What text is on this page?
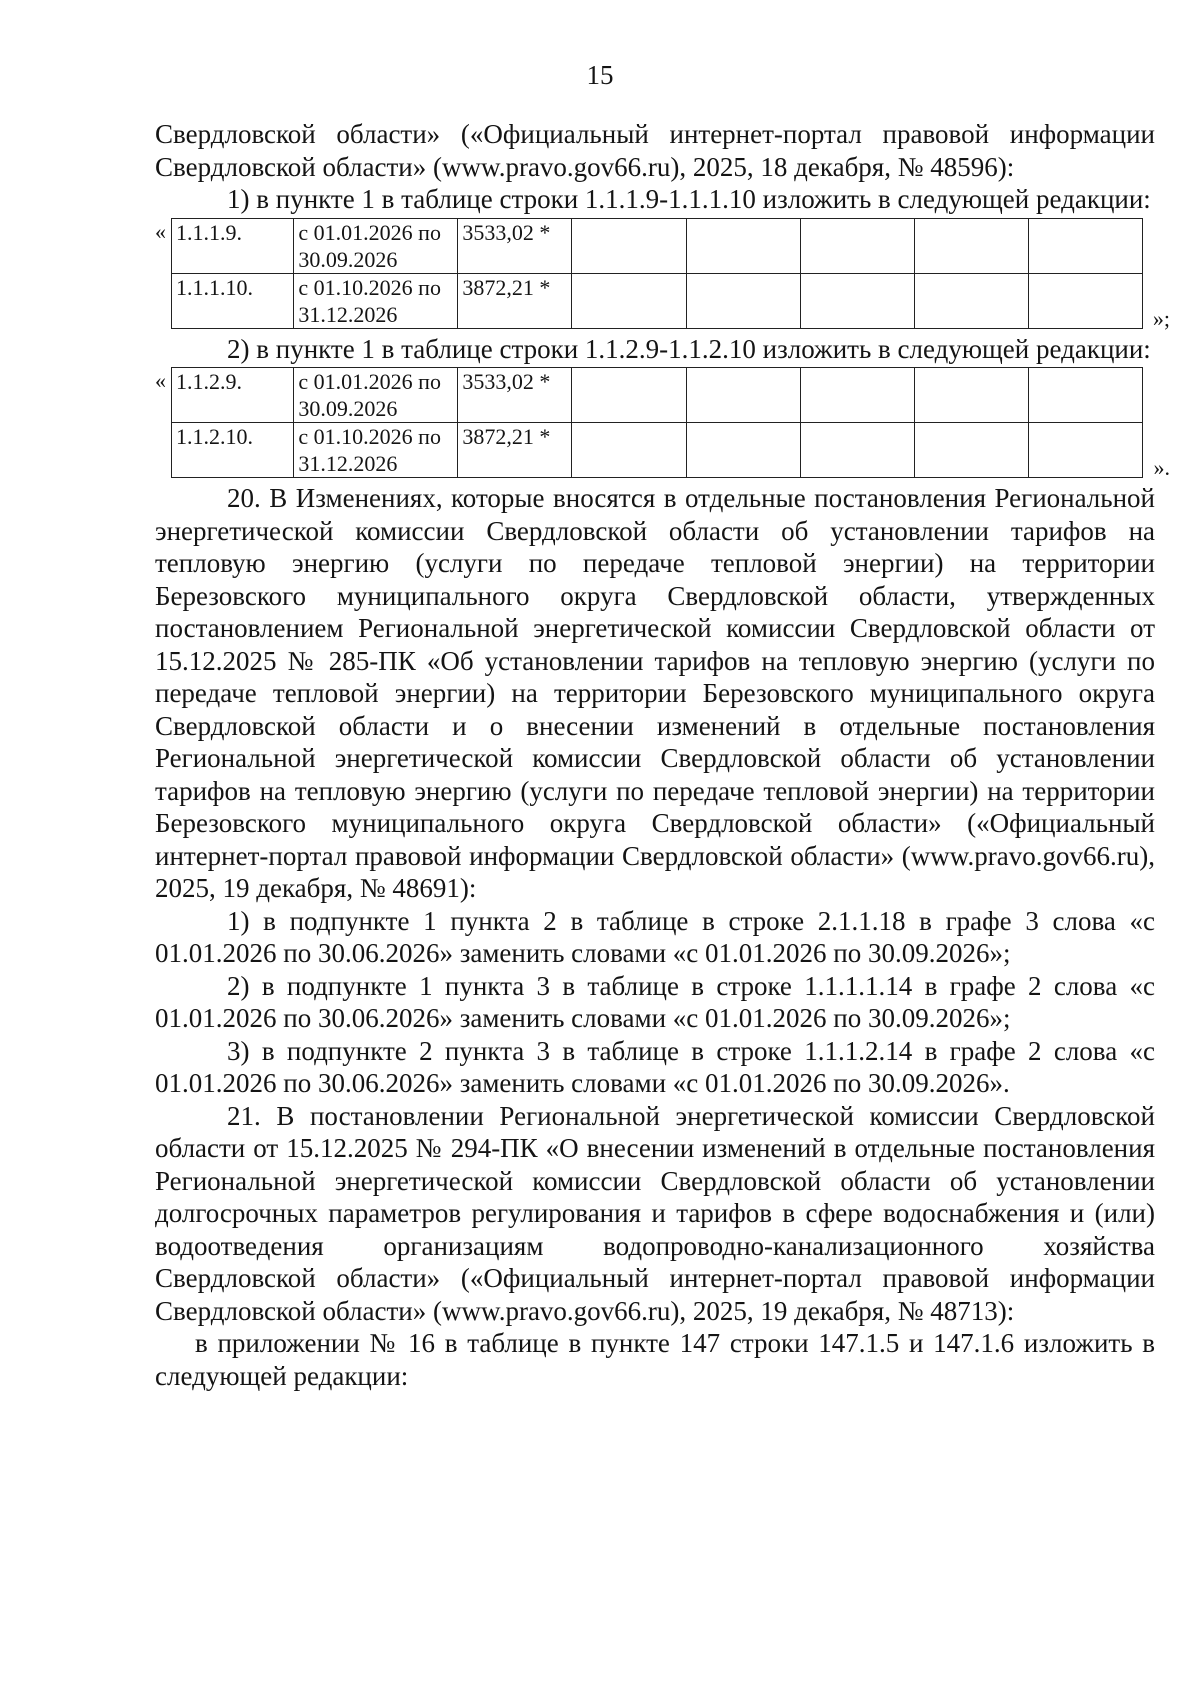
15

Свердловской области» («Официальный интернет-портал правовой информации Свердловской области» (www.pravo.gov66.ru), 2025, 18 декабря, № 48596):

1) в пункте 1 в таблице строки 1.1.1.9-1.1.1.10 изложить в следующей редакции:

« 1.1.1.9.	с 01.01.2026 по 30.09.2026	3533,02 *					
1.1.1.10.	с 01.10.2026 по 31.12.2026	3872,21 *					
»;

2) в пункте 1 в таблице строки 1.1.2.9-1.1.2.10 изложить в следующей редакции:

« 1.1.2.9.	с 01.01.2026 по 30.09.2026	3533,02 *					
1.1.2.10.	с 01.10.2026 по 31.12.2026	3872,21 *					
».

20. В Изменениях, которые вносятся в отдельные постановления Региональной энергетической комиссии Свердловской области об установлении тарифов на тепловую энергию (услуги по передаче тепловой энергии) на территории Березовского муниципального округа Свердловской области, утвержденных постановлением Региональной энергетической комиссии Свердловской области от 15.12.2025 № 285-ПК «Об установлении тарифов на тепловую энергию (услуги по передаче тепловой энергии) на территории Березовского муниципального округа Свердловской области и о внесении изменений в отдельные постановления Региональной энергетической комиссии Свердловской области об установлении тарифов на тепловую энергию (услуги по передаче тепловой энергии) на территории Березовского муниципального округа Свердловской области» («Официальный интернет-портал правовой информации Свердловской области» (www.pravo.gov66.ru), 2025, 19 декабря, № 48691):

1) в подпункте 1 пункта 2 в таблице в строке 2.1.1.18 в графе 3 слова «с 01.01.2026 по 30.06.2026» заменить словами «с 01.01.2026 по 30.09.2026»;

2) в подпункте 1 пункта 3 в таблице в строке 1.1.1.1.14 в графе 2 слова «с 01.01.2026 по 30.06.2026» заменить словами «с 01.01.2026 по 30.09.2026»;

3) в подпункте 2 пункта 3 в таблице в строке 1.1.1.2.14 в графе 2 слова «с 01.01.2026 по 30.06.2026» заменить словами «с 01.01.2026 по 30.09.2026».

21. В постановлении Региональной энергетической комиссии Свердловской области от 15.12.2025 № 294-ПК «О внесении изменений в отдельные постановления Региональной энергетической комиссии Свердловской области об установлении долгосрочных параметров регулирования и тарифов в сфере водоснабжения и (или) водоотведения организациям водопроводно-канализационного хозяйства Свердловской области» («Официальный интернет-портал правовой информации Свердловской области» (www.pravo.gov66.ru), 2025, 19 декабря, № 48713):

в приложении № 16 в таблице в пункте 147 строки 147.1.5 и 147.1.6 изложить в следующей редакции:
